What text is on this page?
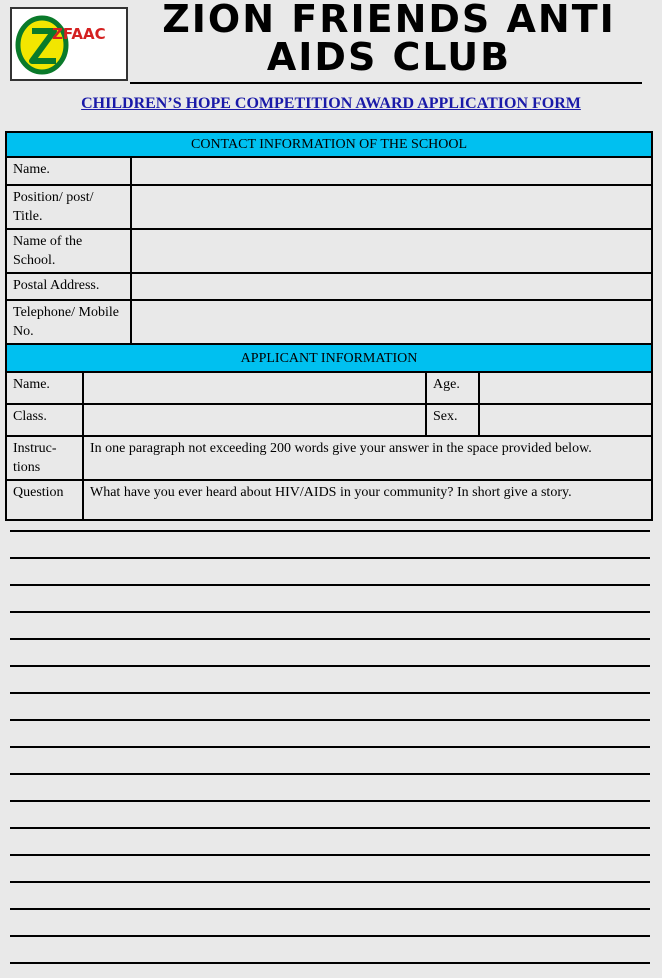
ZFAAC	ZION FRIENDS ANTI
AIDS CLUB
CHILDREN’S HOPE COMPETITION AWARD APPLICATION FORM
CONTACT INFORMATION OF THE SCHOOL				
Name.				
Position/ post/ Title.				
Name of the School.				
Postal Address.				
Telephone/ Mobile No.				
APPLICANT INFORMATION				
Name.			Age.	
Class.			Sex.	
Instruc-tions	In one paragraph not exceeding 200 words give your answer in the space provided below.			
Question	What have you ever heard about HIV/AIDS in your community? In short give a story.			
